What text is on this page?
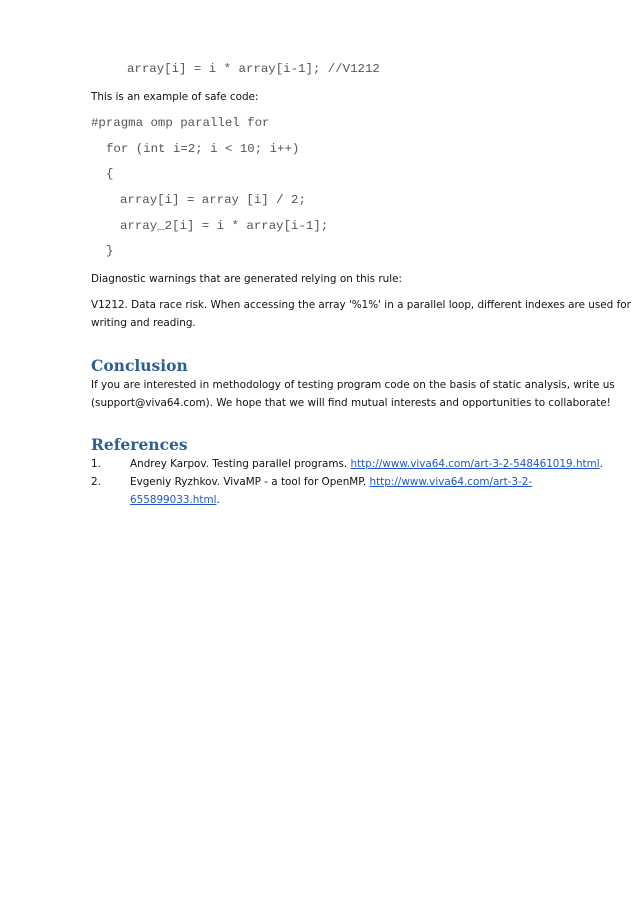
array[i] = i * array[i-1]; //V1212
This is an example of safe code:
#pragma omp parallel for
for (int i=2; i < 10; i++)
{
array[i] = array [i] / 2;
array_2[i] = i * array[i-1];
}
Diagnostic warnings that are generated relying on this rule:
V1212. Data race risk. When accessing the array '%1%' in a parallel loop, different indexes are used for
writing and reading.
Conclusion
If you are interested in methodology of testing program code on the basis of static analysis, write us
(support@viva64.com). We hope that we will find mutual interests and opportunities to collaborate!
References
1.	Andrey Karpov. Testing parallel programs. http://www.viva64.com/art-3-2-548461019.html.
2.	Evgeniy Ryzhkov. VivaMP - a tool for OpenMP. http://www.viva64.com/art-3-2-
655899033.html.
